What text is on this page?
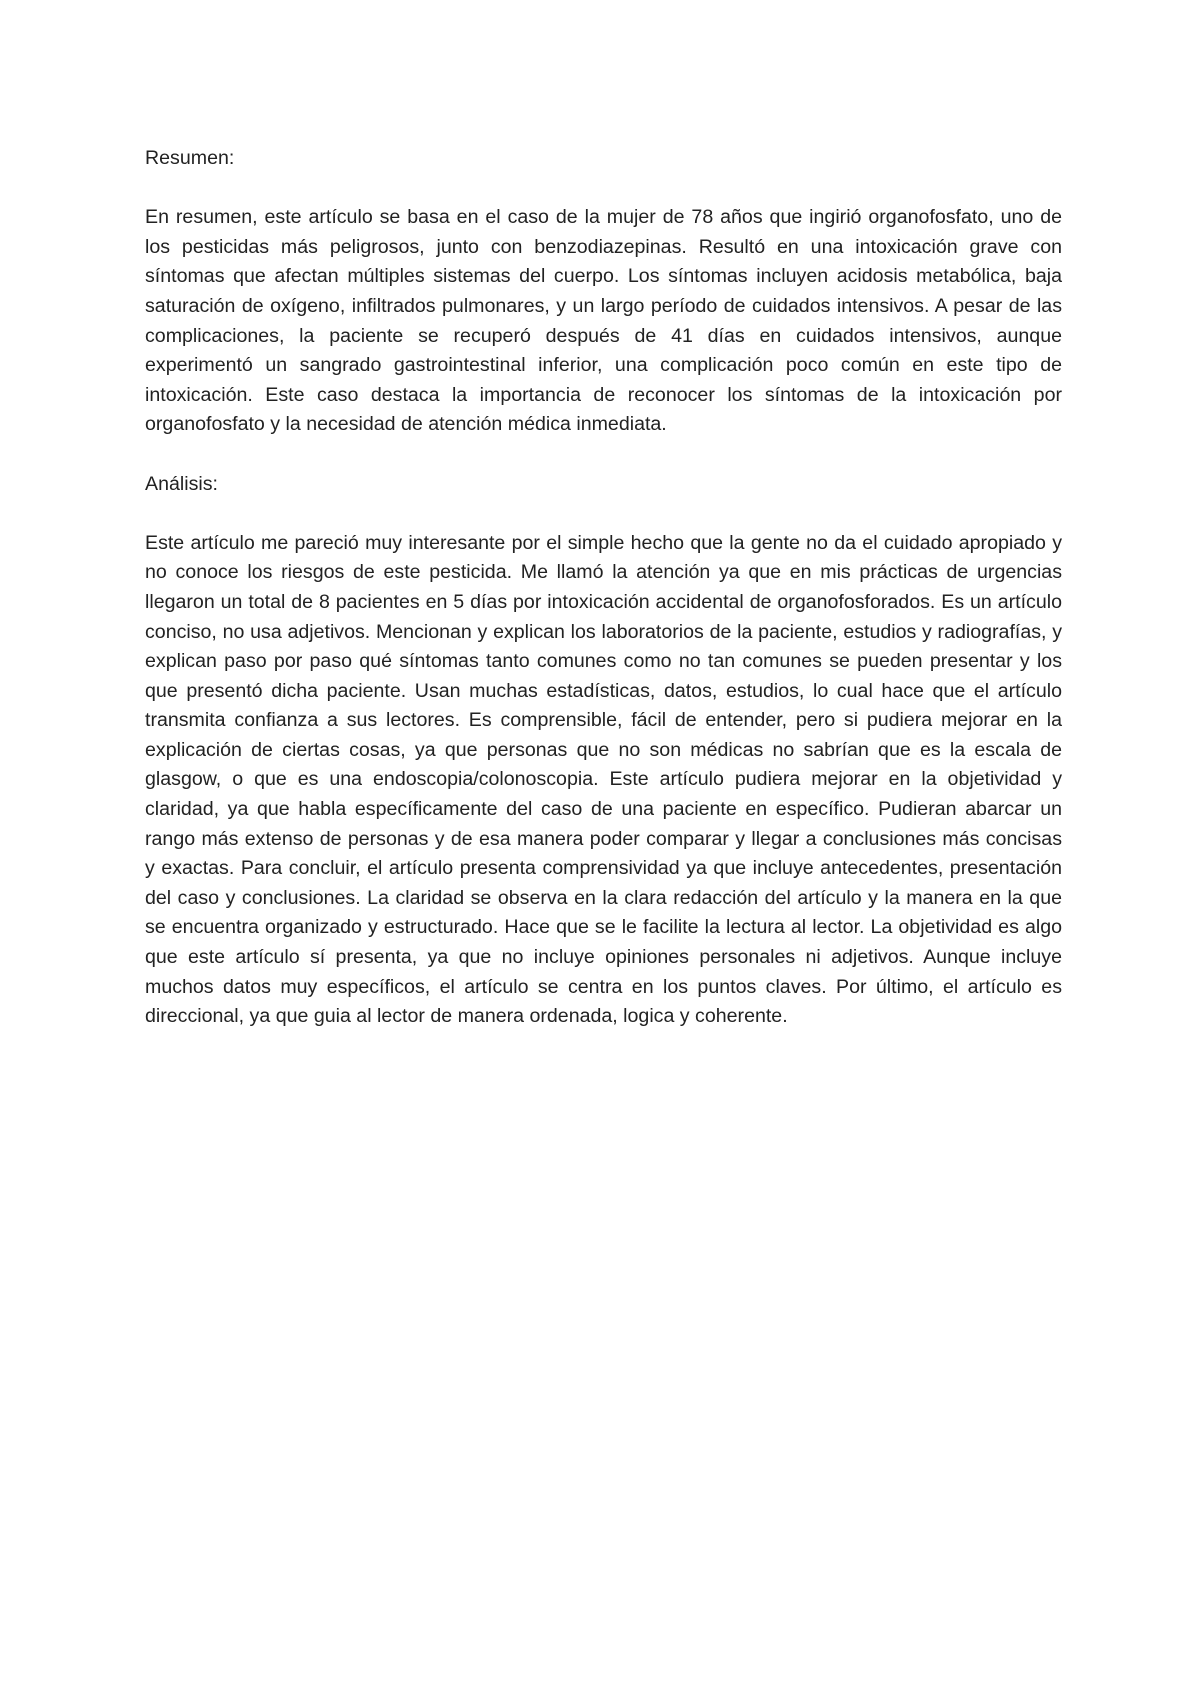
Resumen:

En resumen, este artículo se basa en el caso de la mujer de 78 años que ingirió organofosfato, uno de los pesticidas más peligrosos, junto con benzodiazepinas. Resultó en una intoxicación grave con síntomas que afectan múltiples sistemas del cuerpo. Los síntomas incluyen acidosis metabólica, baja saturación de oxígeno, infiltrados pulmonares, y un largo período de cuidados intensivos. A pesar de las complicaciones, la paciente se recuperó después de 41 días en cuidados intensivos, aunque experimentó un sangrado gastrointestinal inferior, una complicación poco común en este tipo de intoxicación. Este caso destaca la importancia de reconocer los síntomas de la intoxicación por organofosfato y la necesidad de atención médica inmediata.

Análisis:

Este artículo me pareció muy interesante por el simple hecho que la gente no da el cuidado apropiado y no conoce los riesgos de este pesticida. Me llamó la atención ya que en mis prácticas de urgencias llegaron un total de 8 pacientes en 5 días por intoxicación accidental de organofosforados. Es un artículo conciso, no usa adjetivos. Mencionan y explican los laboratorios de la paciente, estudios y radiografías, y explican paso por paso qué síntomas tanto comunes como no tan comunes se pueden presentar y los que presentó dicha paciente. Usan muchas estadísticas, datos, estudios, lo cual hace que el artículo transmita confianza a sus lectores. Es comprensible, fácil de entender, pero si pudiera mejorar en la explicación de ciertas cosas, ya que personas que no son médicas no sabrían que es la escala de glasgow, o que es una endoscopia/colonoscopia. Este artículo pudiera mejorar en la objetividad y claridad, ya que habla específicamente del caso de una paciente en específico. Pudieran abarcar un rango más extenso de personas y de esa manera poder comparar y llegar a conclusiones más concisas y exactas. Para concluir, el artículo presenta comprensividad ya que incluye antecedentes, presentación del caso y conclusiones. La claridad se observa en la clara redacción del artículo y la manera en la que se encuentra organizado y estructurado. Hace que se le facilite la lectura al lector. La objetividad es algo que este artículo sí presenta, ya que no incluye opiniones personales ni adjetivos. Aunque incluye muchos datos muy específicos, el artículo se centra en los puntos claves. Por último, el artículo es direccional, ya que guia al lector de manera ordenada, logica y coherente.
